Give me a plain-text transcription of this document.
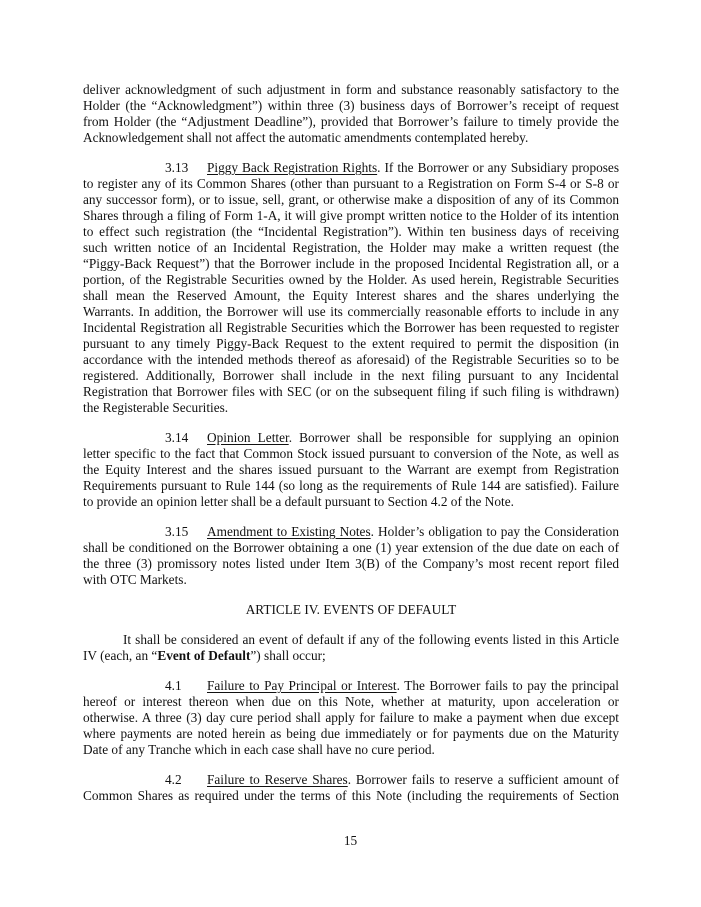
deliver acknowledgment of such adjustment in form and substance reasonably satisfactory to the
Holder (the “Acknowledgment”) within three (3) business days of Borrower’s receipt of request
from Holder (the “Adjustment Deadline”), provided that Borrower’s failure to timely provide the
Acknowledgement shall not affect the automatic amendments contemplated hereby.
3.13 Piggy Back Registration Rights. If the Borrower or any Subsidiary proposes
to register any of its Common Shares (other than pursuant to a Registration on Form S-4 or S-8 or
any successor form), or to issue, sell, grant, or otherwise make a disposition of any of its Common
Shares through a filing of Form 1-A, it will give prompt written notice to the Holder of its intention
to effect such registration (the “Incidental Registration”). Within ten business days of receiving
such written notice of an Incidental Registration, the Holder may make a written request (the
“Piggy-Back Request”) that the Borrower include in the proposed Incidental Registration all, or a
portion, of the Registrable Securities owned by the Holder. As used herein, Registrable Securities
shall mean the Reserved Amount, the Equity Interest shares and the shares underlying the
Warrants. In addition, the Borrower will use its commercially reasonable efforts to include in any
Incidental Registration all Registrable Securities which the Borrower has been requested to register
pursuant to any timely Piggy-Back Request to the extent required to permit the disposition (in
accordance with the intended methods thereof as aforesaid) of the Registrable Securities so to be
registered. Additionally, Borrower shall include in the next filing pursuant to any Incidental
Registration that Borrower files with SEC (or on the subsequent filing if such filing is withdrawn)
the Registerable Securities.
3.14 Opinion Letter. Borrower shall be responsible for supplying an opinion
letter specific to the fact that Common Stock issued pursuant to conversion of the Note, as well as
the Equity Interest and the shares issued pursuant to the Warrant are exempt from Registration
Requirements pursuant to Rule 144 (so long as the requirements of Rule 144 are satisfied). Failure
to provide an opinion letter shall be a default pursuant to Section 4.2 of the Note.
3.15 Amendment to Existing Notes. Holder’s obligation to pay the Consideration
shall be conditioned on the Borrower obtaining a one (1) year extension of the due date on each of
the three (3) promissory notes listed under Item 3(B) of the Company’s most recent report filed
with OTC Markets.
ARTICLE IV. EVENTS OF DEFAULT
It shall be considered an event of default if any of the following events listed in this Article
IV (each, an “Event of Default”) shall occur;
4.1 Failure to Pay Principal or Interest. The Borrower fails to pay the principal
hereof or interest thereon when due on this Note, whether at maturity, upon acceleration or
otherwise. A three (3) day cure period shall apply for failure to make a payment when due except
where payments are noted herein as being due immediately or for payments due on the Maturity
Date of any Tranche which in each case shall have no cure period.
4.2 Failure to Reserve Shares. Borrower fails to reserve a sufficient amount of
Common Shares as required under the terms of this Note (including the requirements of Section
15
